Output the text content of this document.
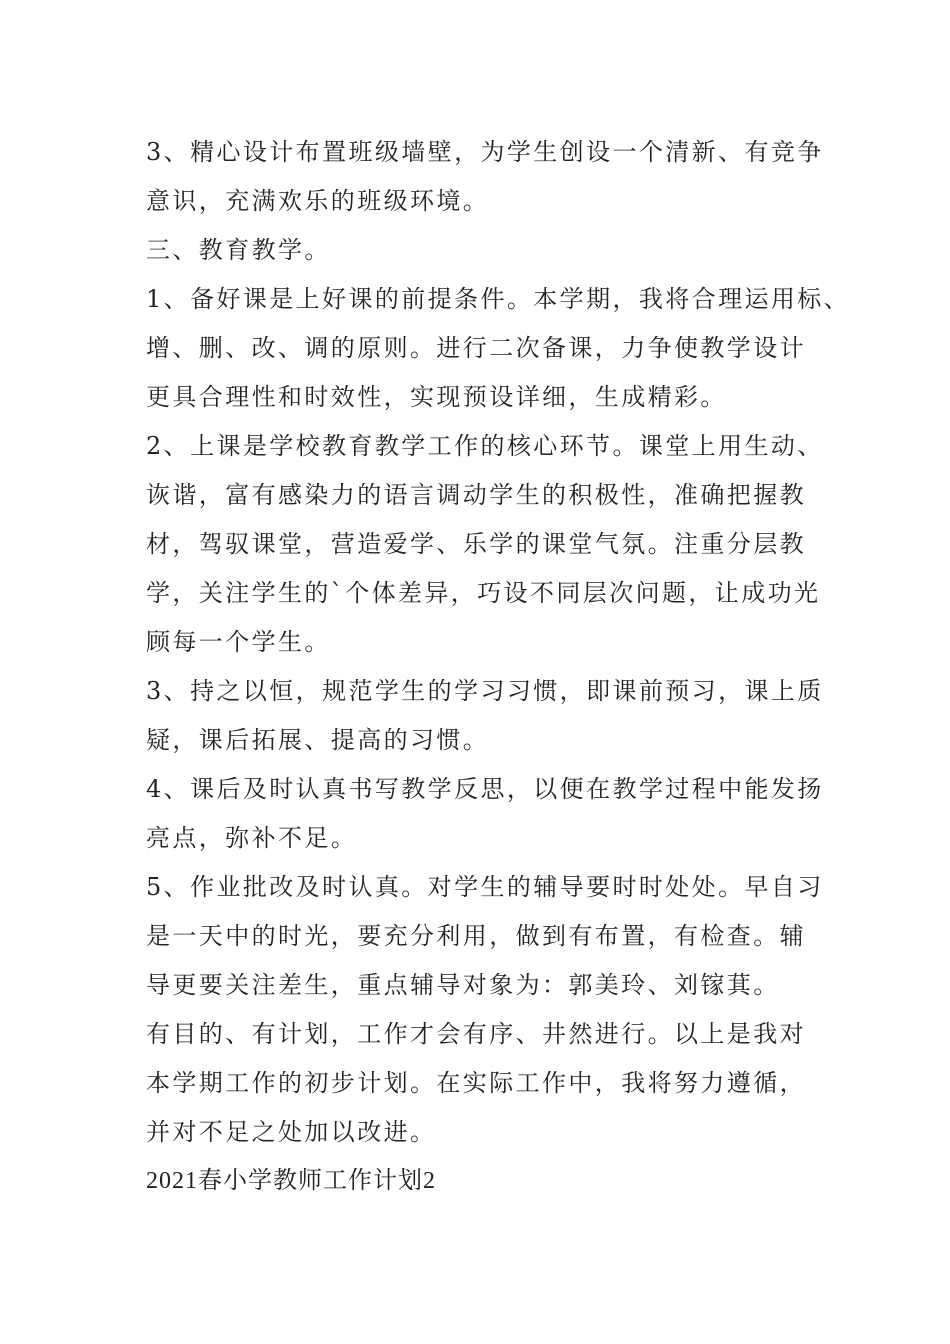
3、精心设计布置班级墙壁，为学生创设一个清新、有竞争
意识，充满欢乐的班级环境。
三、教育教学。
1、备好课是上好课的前提条件。本学期，我将合理运用标、
增、删、改、调的原则。进行二次备课，力争使教学设计
更具合理性和时效性，实现预设详细，生成精彩。
2、上课是学校教育教学工作的核心环节。课堂上用生动、
诙谐，富有感染力的语言调动学生的积极性，准确把握教
材，驾驭课堂，营造爱学、乐学的课堂气氛。注重分层教
学，关注学生的`个体差异，巧设不同层次问题，让成功光
顾每一个学生。
3、持之以恒，规范学生的学习习惯，即课前预习，课上质
疑，课后拓展、提高的习惯。
4、课后及时认真书写教学反思，以便在教学过程中能发扬
亮点，弥补不足。
5、作业批改及时认真。对学生的辅导要时时处处。早自习
是一天中的时光，要充分利用，做到有布置，有检查。辅
导更要关注差生，重点辅导对象为：郭美玲、刘镓萁。
有目的、有计划，工作才会有序、井然进行。以上是我对
本学期工作的初步计划。在实际工作中，我将努力遵循，
并对不足之处加以改进。
2021春小学教师工作计划2
